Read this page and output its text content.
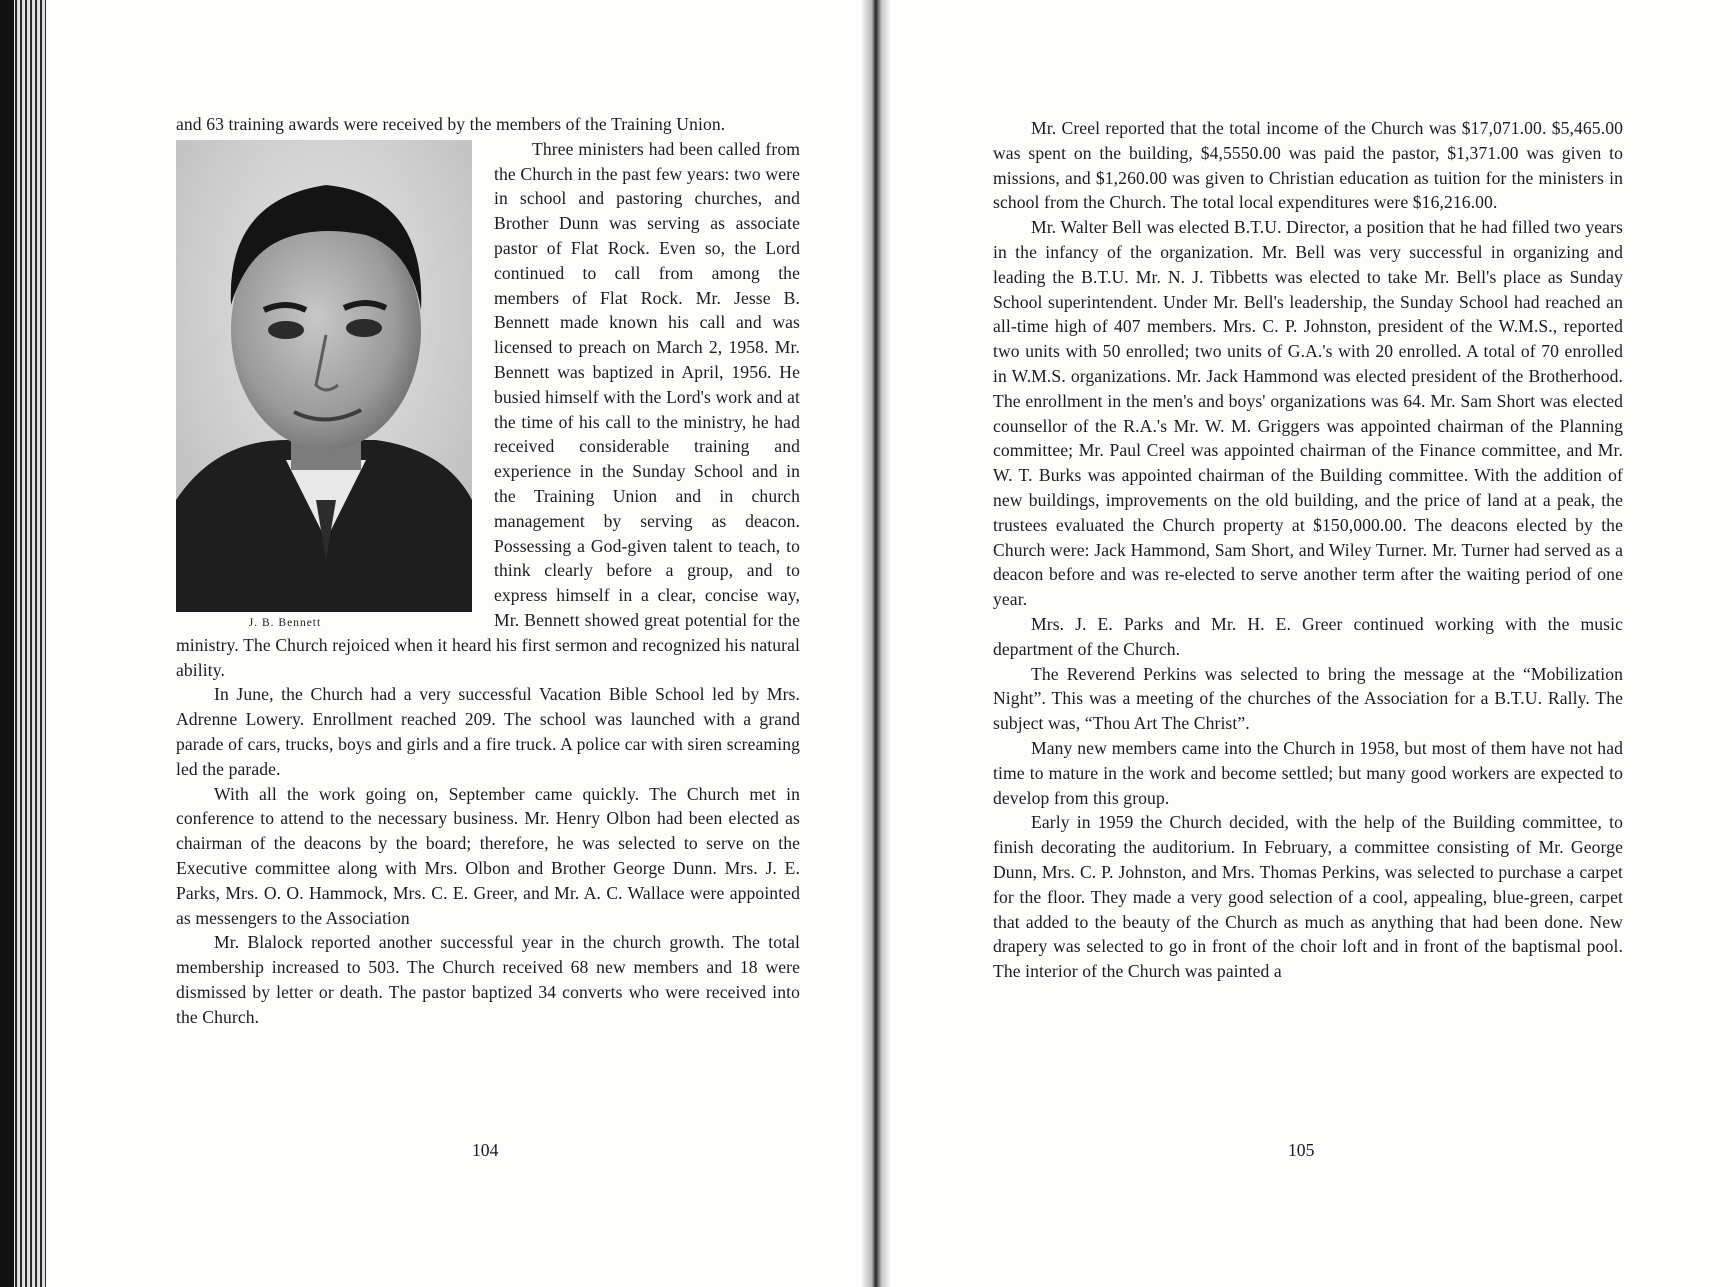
and 63 training awards were received by the members of the Training Union.

J. B. Bennett
Three ministers had been called from the Church in the past few years: two were in school and pastoring churches, and Brother Dunn was serving as associate pastor of Flat Rock. Even so, the Lord continued to call from among the members of Flat Rock. Mr. Jesse B. Bennett made known his call and was licensed to preach on March 2, 1958. Mr. Bennett was baptized in April, 1956. He busied himself with the Lord's work and at the time of his call to the ministry, he had received considerable training and experience in the Sunday School and in the Training Union and in church management by serving as deacon. Possessing a God-given talent to teach, to think clearly before a group, and to express himself in a clear, concise way, Mr. Bennett showed great potential for the ministry. The Church rejoiced when it heard his first sermon and recognized his natural ability.

In June, the Church had a very successful Vacation Bible School led by Mrs. Adrenne Lowery. Enrollment reached 209. The school was launched with a grand parade of cars, trucks, boys and girls and a fire truck. A police car with siren screaming led the parade.

With all the work going on, September came quickly. The Church met in conference to attend to the necessary business. Mr. Henry Olbon had been elected as chairman of the deacons by the board; therefore, he was selected to serve on the Executive committee along with Mrs. Olbon and Brother George Dunn. Mrs. J. E. Parks, Mrs. O. O. Hammock, Mrs. C. E. Greer, and Mr. A. C. Wallace were appointed as messengers to the Association

Mr. Blalock reported another successful year in the church growth. The total membership increased to 503. The Church received 68 new members and 18 were dismissed by letter or death. The pastor baptized 34 converts who were received into the Church.

104

Mr. Creel reported that the total income of the Church was $17,071.00. $5,465.00 was spent on the building, $4,5550.00 was paid the pastor, $1,371.00 was given to missions, and $1,260.00 was given to Christian education as tuition for the ministers in school from the Church. The total local expenditures were $16,216.00.

Mr. Walter Bell was elected B.T.U. Director, a position that he had filled two years in the infancy of the organization. Mr. Bell was very successful in organizing and leading the B.T.U. Mr. N. J. Tibbetts was elected to take Mr. Bell's place as Sunday School superintendent. Under Mr. Bell's leadership, the Sunday School had reached an all-time high of 407 members. Mrs. C. P. Johnston, president of the W.M.S., reported two units with 50 enrolled; two units of G.A.'s with 20 enrolled. A total of 70 enrolled in W.M.S. organizations. Mr. Jack Hammond was elected president of the Brotherhood. The enrollment in the men's and boys' organizations was 64. Mr. Sam Short was elected counsellor of the R.A.'s Mr. W. M. Griggers was appointed chairman of the Planning committee; Mr. Paul Creel was appointed chairman of the Finance committee, and Mr. W. T. Burks was appointed chairman of the Building committee. With the addition of new buildings, improvements on the old building, and the price of land at a peak, the trustees evaluated the Church property at $150,000.00. The deacons elected by the Church were: Jack Hammond, Sam Short, and Wiley Turner. Mr. Turner had served as a deacon before and was re-elected to serve another term after the waiting period of one year.

Mrs. J. E. Parks and Mr. H. E. Greer continued working with the music department of the Church.

The Reverend Perkins was selected to bring the message at the “Mobilization Night”. This was a meeting of the churches of the Association for a B.T.U. Rally. The subject was, “Thou Art The Christ”.

Many new members came into the Church in 1958, but most of them have not had time to mature in the work and become settled; but many good workers are expected to develop from this group.

Early in 1959 the Church decided, with the help of the Building committee, to finish decorating the auditorium. In February, a committee consisting of Mr. George Dunn, Mrs. C. P. Johnston, and Mrs. Thomas Perkins, was selected to purchase a carpet for the floor. They made a very good selection of a cool, appealing, blue-green, carpet that added to the beauty of the Church as much as anything that had been done. New drapery was selected to go in front of the choir loft and in front of the baptismal pool. The interior of the Church was painted a

105
